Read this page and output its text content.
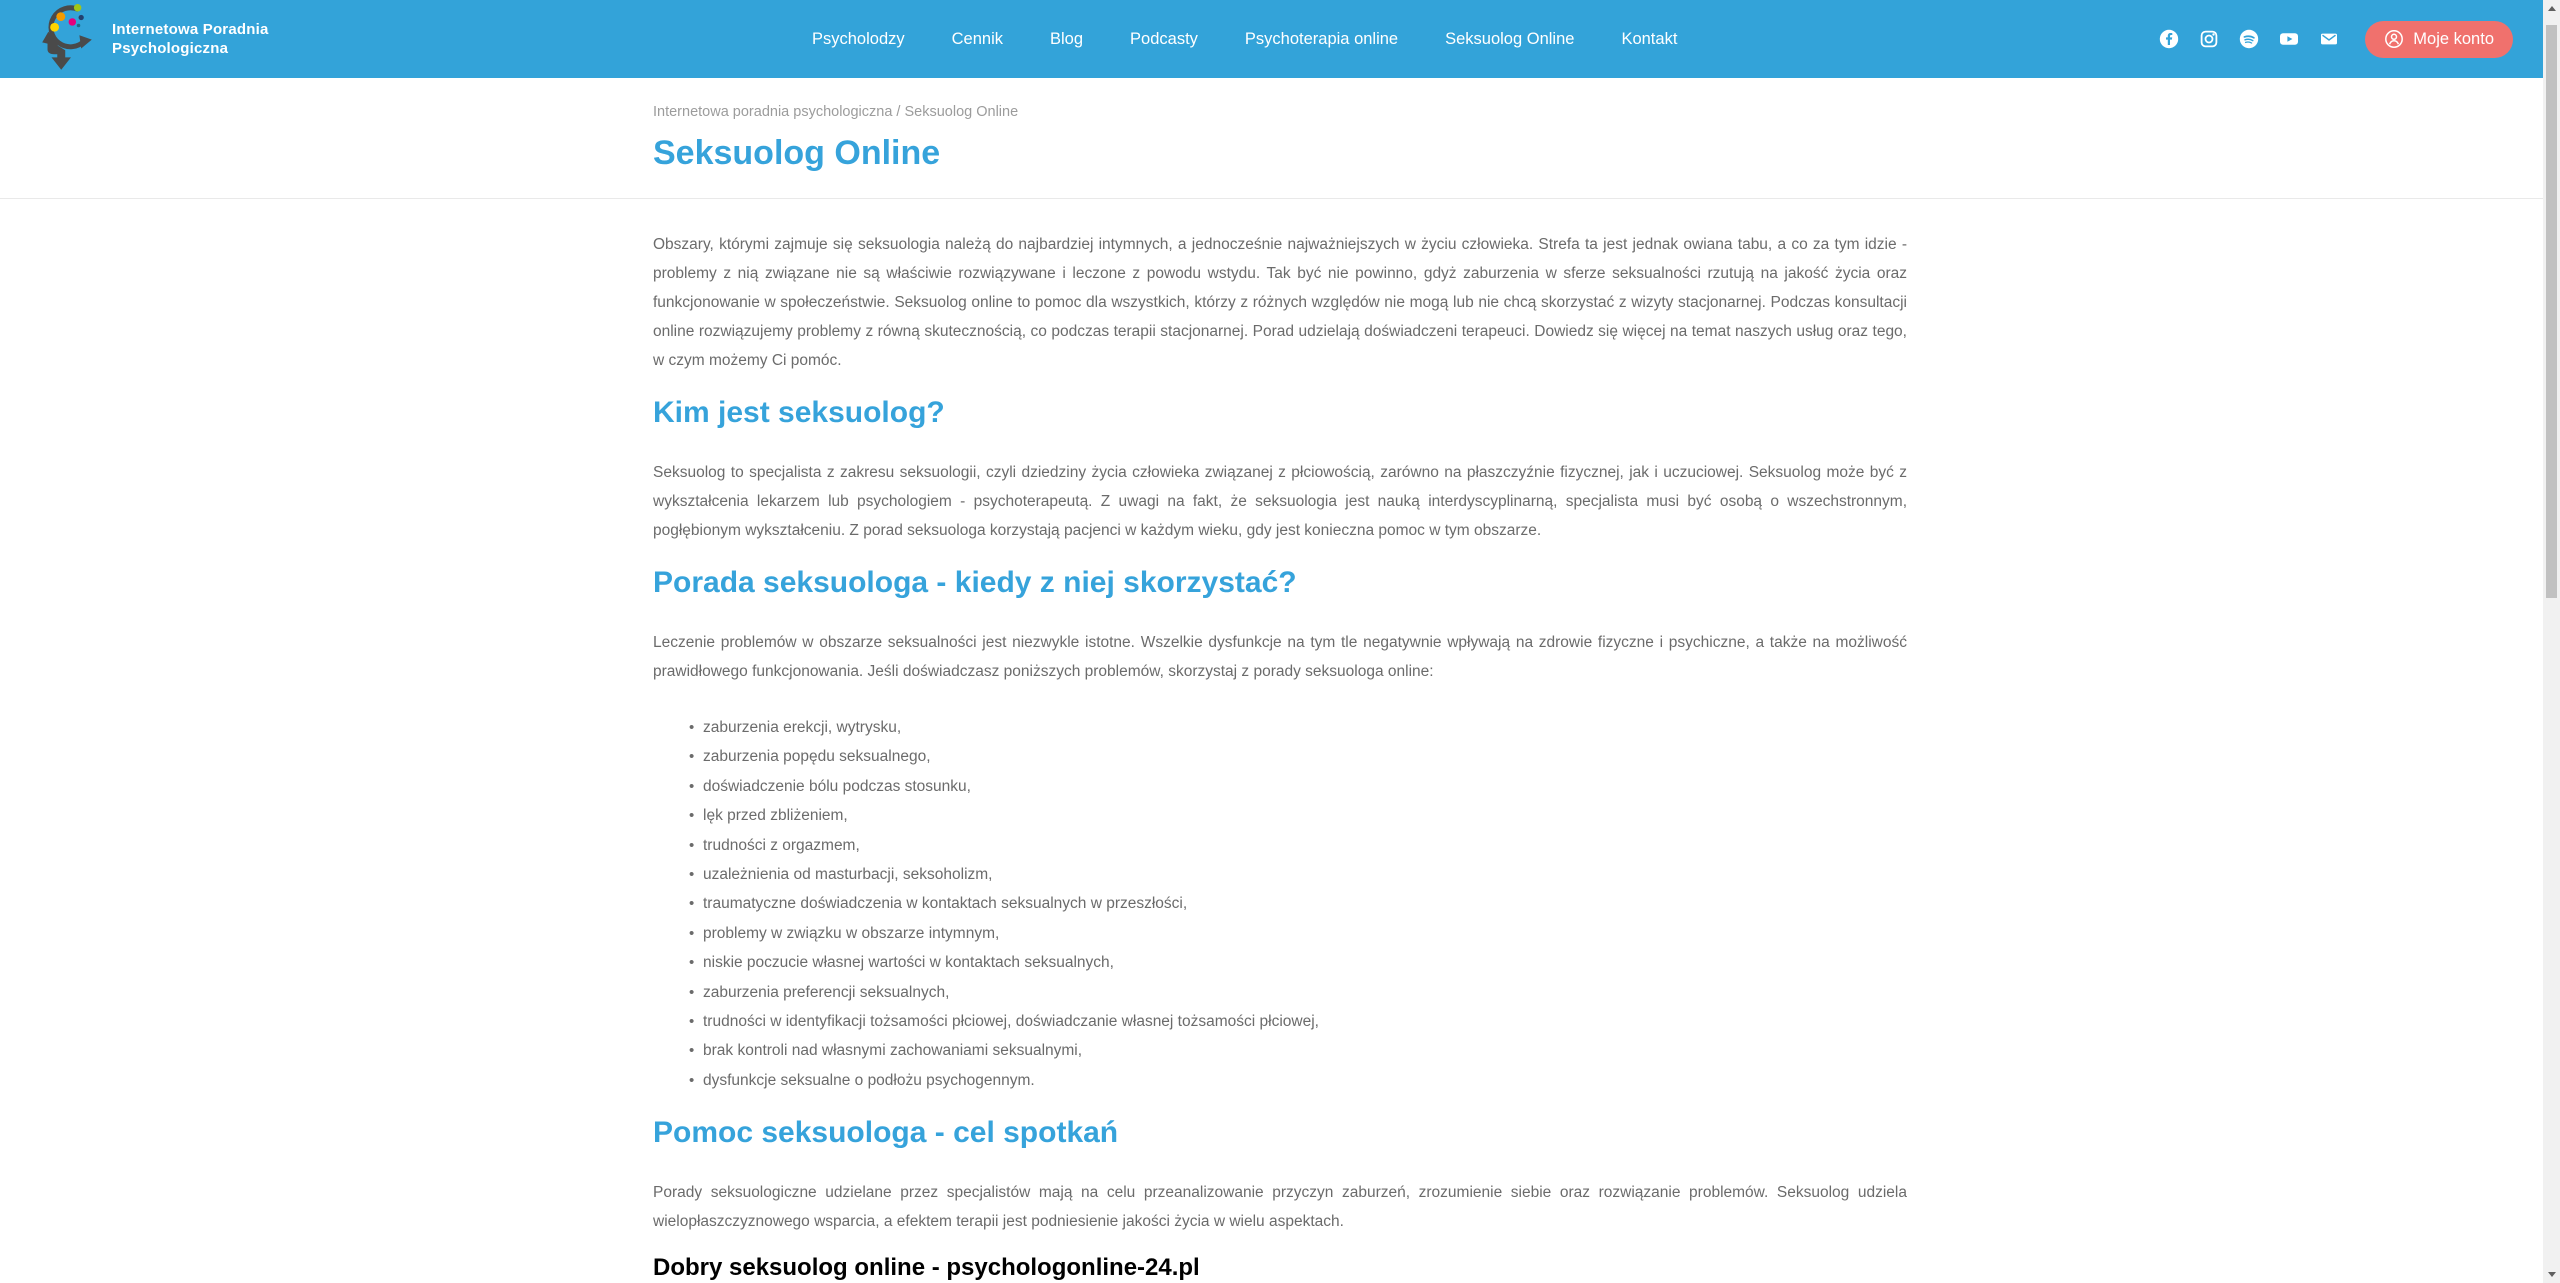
Internetowa Poradnia
Psychologiczna
Psycholodzy	Cennik	Blog	Podcasty	Psychoterapia online	Seksuolog Online	Kontakt	Moje konto
Internetowa poradnia psychologiczna / Seksuolog Online
Seksuolog Online

Obszary, którymi zajmuje się seksuologia należą do najbardziej intymnych, a jednocześnie najważniejszych w życiu człowieka. Strefa ta jest jednak owiana tabu, a co za tym idzie - problemy z nią związane nie są właściwie rozwiązywane i leczone z powodu wstydu. Tak być nie powinno, gdyż zaburzenia w sferze seksualności rzutują na jakość życia oraz funkcjonowanie w społeczeństwie. Seksuolog online to pomoc dla wszystkich, którzy z różnych względów nie mogą lub nie chcą skorzystać z wizyty stacjonarnej. Podczas konsultacji online rozwiązujemy problemy z równą skutecznością, co podczas terapii stacjonarnej. Porad udzielają doświadczeni terapeuci. Dowiedz się więcej na temat naszych usług oraz tego, w czym możemy Ci pomóc.

Kim jest seksuolog?

Seksuolog to specjalista z zakresu seksuologii, czyli dziedziny życia człowieka związanej z płciowością, zarówno na płaszczyźnie fizycznej, jak i uczuciowej. Seksuolog może być z wykształcenia lekarzem lub psychologiem - psychoterapeutą. Z uwagi na fakt, że seksuologia jest nauką interdyscyplinarną, specjalista musi być osobą o wszechstronnym, pogłębionym wykształceniu. Z porad seksuologa korzystają pacjenci w każdym wieku, gdy jest konieczna pomoc w tym obszarze.

Porada seksuologa - kiedy z niej skorzystać?

Leczenie problemów w obszarze seksualności jest niezwykle istotne. Wszelkie dysfunkcje na tym tle negatywnie wpływają na zdrowie fizyczne i psychiczne, a także na możliwość prawidłowego funkcjonowania. Jeśli doświadczasz poniższych problemów, skorzystaj z porady seksuologa online:

• zaburzenia erekcji, wytrysku,
• zaburzenia popędu seksualnego,
• doświadczenie bólu podczas stosunku,
• lęk przed zbliżeniem,
• trudności z orgazmem,
• uzależnienia od masturbacji, seksoholizm,
• traumatyczne doświadczenia w kontaktach seksualnych w przeszłości,
• problemy w związku w obszarze intymnym,
• niskie poczucie własnej wartości w kontaktach seksualnych,
• zaburzenia preferencji seksualnych,
• trudności w identyfikacji tożsamości płciowej, doświadczanie własnej tożsamości płciowej,
• brak kontroli nad własnymi zachowaniami seksualnymi,
• dysfunkcje seksualne o podłożu psychogennym.
Pomoc seksuologa - cel spotkań

Porady seksuologiczne udzielane przez specjalistów mają na celu przeanalizowanie przyczyn zaburzeń, zrozumienie siebie oraz rozwiązanie problemów. Seksuolog udziela wielopłaszczyznowego wsparcia, a efektem terapii jest podniesienie jakości życia w wielu aspektach.

Dobry seksuolog online - psychologonline-24.pl
